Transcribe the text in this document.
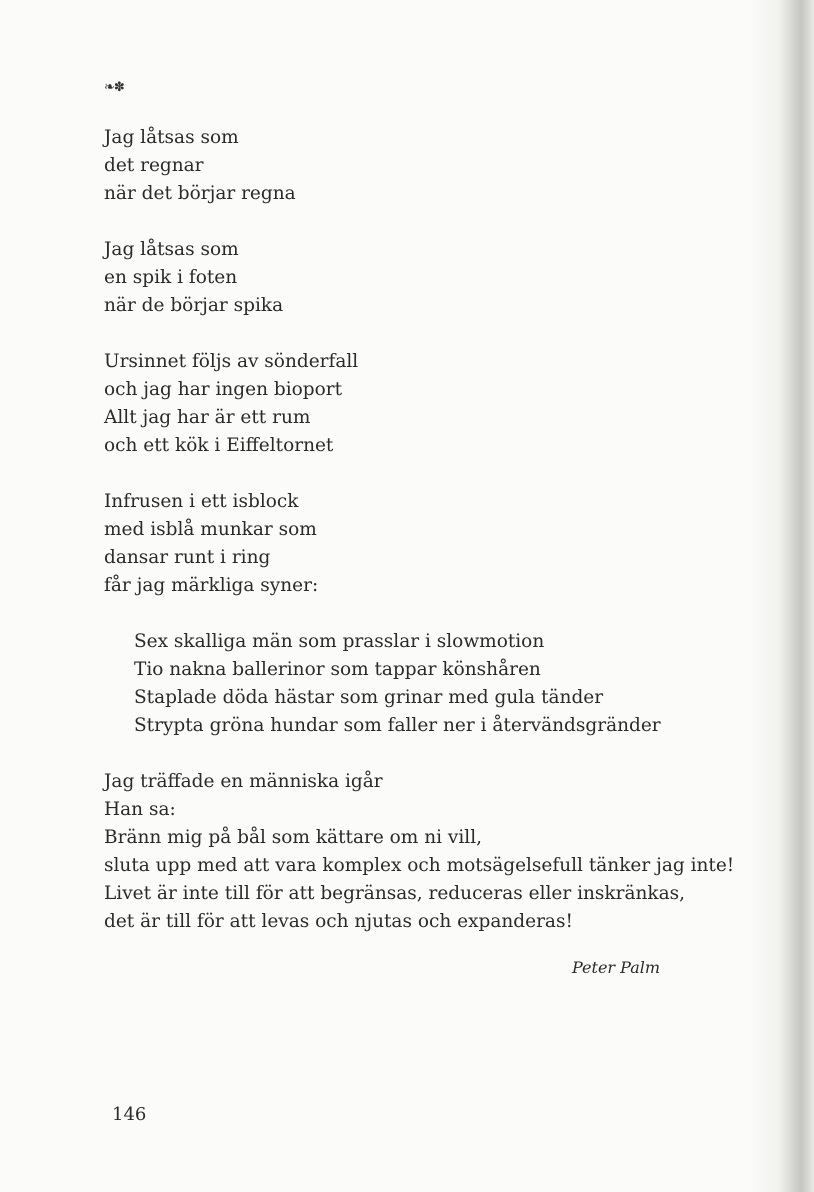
❧✽
Jag låtsas som
det regnar
när det börjar regna
Jag låtsas som
en spik i foten
när de börjar spika
Ursinnet följs av sönderfall
och jag har ingen bioport
Allt jag har är ett rum
och ett kök i Eiffeltornet
Infrusen i ett isblock
med isblå munkar som
dansar runt i ring
får jag märkliga syner:
Sex skalliga män som prasslar i slowmotion
Tio nakna ballerinor som tappar könshåren
Staplade döda hästar som grinar med gula tänder
Strypta gröna hundar som faller ner i återvändsgränder
Jag träffade en människa igår
Han sa:
Bränn mig på bål som kättare om ni vill,
sluta upp med att vara komplex och motsägelsefull tänker jag inte!
Livet är inte till för att begränsas, reduceras eller inskränkas,
det är till för att levas och njutas och expanderas!
Peter Palm
146
